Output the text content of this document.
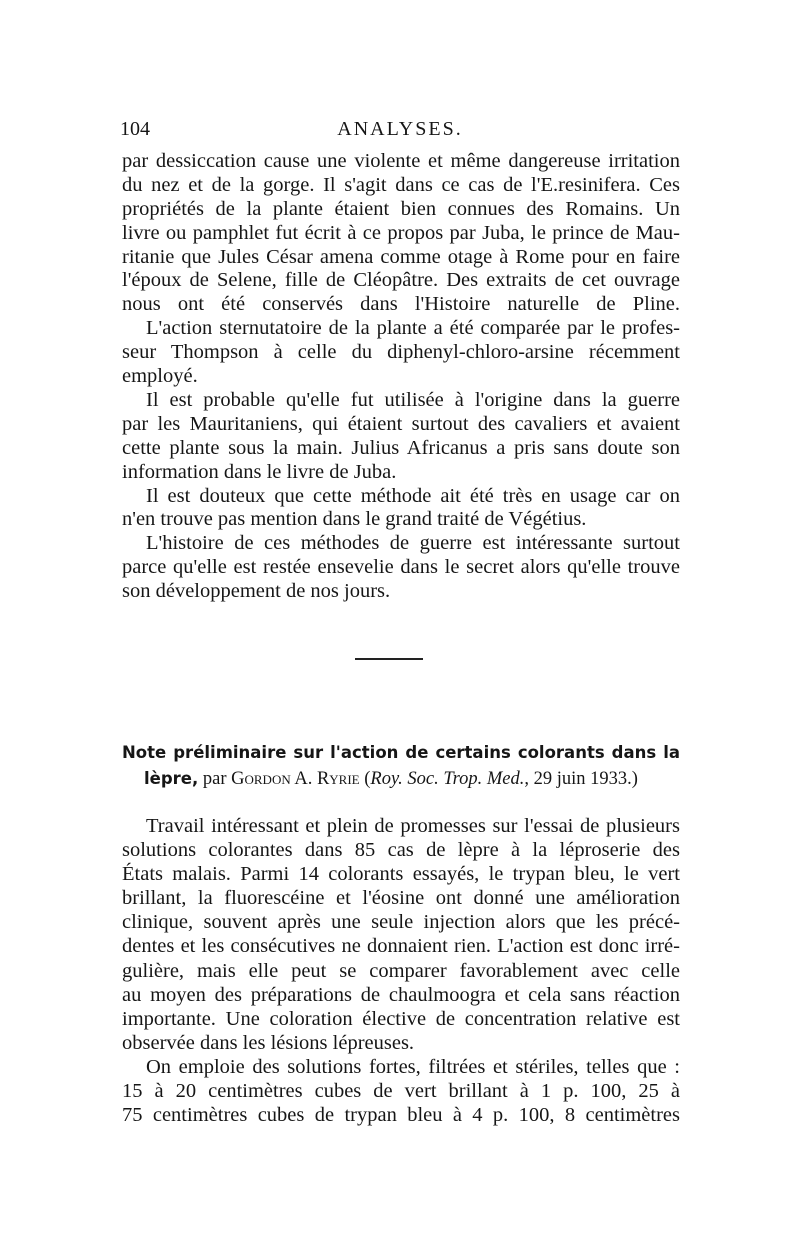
104	ANALYSES.
par dessiccation cause une violente et même dangereuse irritation
du nez et de la gorge. Il s'agit dans ce cas de l'E.resinifera. Ces
propriétés de la plante étaient bien connues des Romains. Un
livre ou pamphlet fut écrit à ce propos par Juba, le prince de Mau-
ritanie que Jules César amena comme otage à Rome pour en faire
l'époux de Selene, fille de Cléopâtre. Des extraits de cet ouvrage
nous ont été conservés dans l'Histoire naturelle de Pline.
L'action sternutatoire de la plante a été comparée par le profes-
seur Thompson à celle du diphenyl-chloro-arsine récemment
employé.
Il est probable qu'elle fut utilisée à l'origine dans la guerre
par les Mauritaniens, qui étaient surtout des cavaliers et avaient
cette plante sous la main. Julius Africanus a pris sans doute son
information dans le livre de Juba.
Il est douteux que cette méthode ait été très en usage car on
n'en trouve pas mention dans le grand traité de Végétius.
L'histoire de ces méthodes de guerre est intéressante surtout
parce qu'elle est restée ensevelie dans le secret alors qu'elle trouve
son développement de nos jours.
Note préliminaire sur l'action de certains colorants dans la
lèpre, par Gordon A. Ryrie (Roy. Soc. Trop. Med., 29 juin 1933.)
Travail intéressant et plein de promesses sur l'essai de plusieurs
solutions colorantes dans 85 cas de lèpre à la léproserie des
États malais. Parmi 14 colorants essayés, le trypan bleu, le vert
brillant, la fluorescéine et l'éosine ont donné une amélioration
clinique, souvent après une seule injection alors que les précé-
dentes et les consécutives ne donnaient rien. L'action est donc irré-
gulière, mais elle peut se comparer favorablement avec celle
au moyen des préparations de chaulmoogra et cela sans réaction
importante. Une coloration élective de concentration relative est
observée dans les lésions lépreuses.
On emploie des solutions fortes, filtrées et stériles, telles que :
15 à 20 centimètres cubes de vert brillant à 1 p. 100, 25 à
75 centimètres cubes de trypan bleu à 4 p. 100, 8 centimètres
